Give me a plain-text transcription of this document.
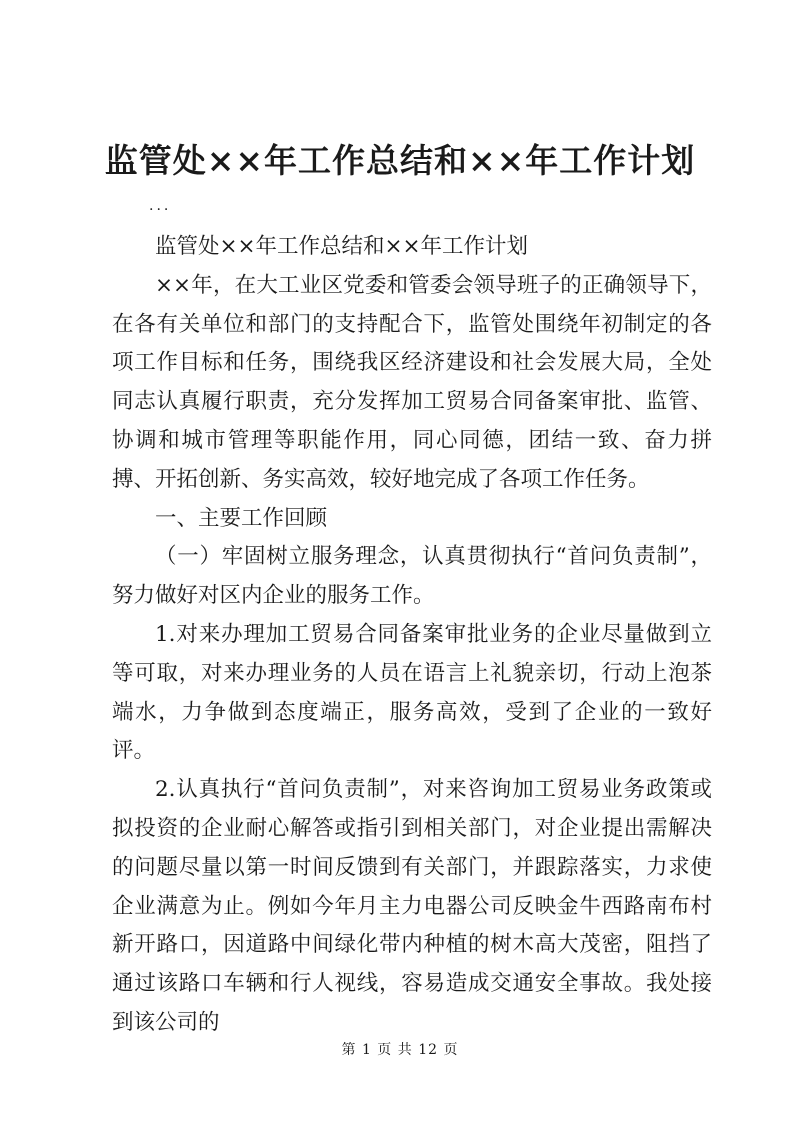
监管处××年工作总结和××年工作计划
...

监管处××年工作总结和××年工作计划

××年，在大工业区党委和管委会领导班子的正确领导下，在各有关单位和部门的支持配合下，监管处围绕年初制定的各项工作目标和任务，围绕我区经济建设和社会发展大局，全处同志认真履行职责，充分发挥加工贸易合同备案审批、监管、协调和城市管理等职能作用，同心同德，团结一致、奋力拼搏、开拓创新、务实高效，较好地完成了各项工作任务。

一、主要工作回顾

（一）牢固树立服务理念，认真贯彻执行“首问负责制”，努力做好对区内企业的服务工作。

1.对来办理加工贸易合同备案审批业务的企业尽量做到立等可取，对来办理业务的人员在语言上礼貌亲切，行动上泡茶端水，力争做到态度端正，服务高效，受到了企业的一致好评。

2.认真执行“首问负责制”，对来咨询加工贸易业务政策或拟投资的企业耐心解答或指引到相关部门，对企业提出需解决的问题尽量以第一时间反馈到有关部门，并跟踪落实，力求使企业满意为止。例如今年月主力电器公司反映金牛西路南布村新开路口，因道路中间绿化带内种植的树木高大茂密，阻挡了通过该路口车辆和行人视线，容易造成交通安全事故。我处接到该公司的

第 1 页 共 12 页
